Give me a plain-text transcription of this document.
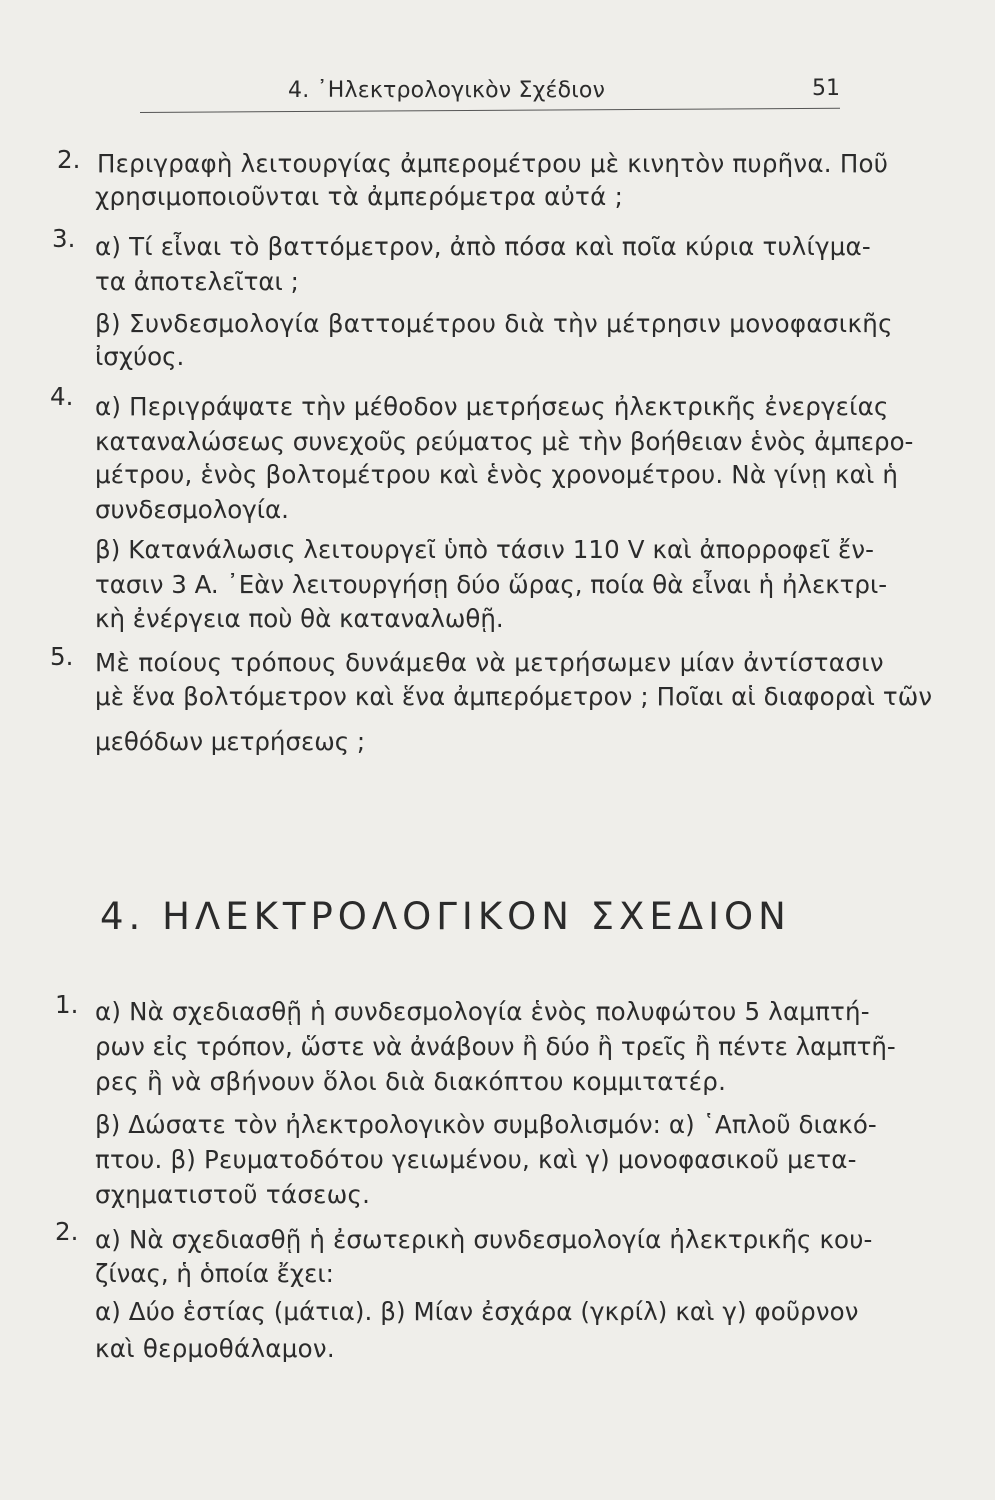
4. ᾿Ηλεκτρολογικὸν Σχέδιον	51
2. Περιγραφὴ λειτουργίας ἀμπερομέτρου μὲ κινητὸν πυρῆνα. Ποῦ
χρησιμοποιοῦνται τὰ ἀμπερόμετρα αὐτά ;
3. α) Τί εἶναι τὸ βαττόμετρον, ἀπὸ πόσα καὶ ποῖα κύρια τυλίγμα-
τα ἀποτελεῖται ;
β) Συνδεσμολογία βαττομέτρου διὰ τὴν μέτρησιν μονοφασικῆς
ἰσχύος.
4. α) Περιγράψατε τὴν μέθοδον μετρήσεως ἠλεκτρικῆς ἐνεργείας
καταναλώσεως συνεχοῦς ρεύματος μὲ τὴν βοήθειαν ἑνὸς ἀμπερο-
μέτρου, ἑνὸς βολτομέτρου καὶ ἑνὸς χρονομέτρου. Νὰ γίνῃ καὶ ἡ
συνδεσμολογία.
β) Κατανάλωσις λειτουργεῖ ὑπὸ τάσιν 110 V καὶ ἀπορροφεῖ ἔν-
τασιν 3 A. ᾿Εὰν λειτουργήσῃ δύο ὥρας, ποία θὰ εἶναι ἡ ἠλεκτρι-
κὴ ἐνέργεια ποὺ θὰ καταναλωθῇ.
5. Μὲ ποίους τρόπους δυνάμεθα νὰ μετρήσωμεν μίαν ἀντίστασιν
μὲ ἕνα βολτόμετρον καὶ ἕνα ἀμπερόμετρον ; Ποῖαι αἱ διαφοραὶ τῶν
μεθόδων μετρήσεως ;
4. ΗΛΕΚΤΡΟΛΟΓΙΚΟΝ ΣΧΕΔΙΟΝ
1. α) Νὰ σχεδιασθῇ ἡ συνδεσμολογία ἑνὸς πολυφώτου 5 λαμπτή-
ρων εἰς τρόπον, ὥστε νὰ ἀνάβουν ἢ δύο ἢ τρεῖς ἢ πέντε λαμπτῆ-
ρες ἢ νὰ σβήνουν ὅλοι διὰ διακόπτου κομμιτατέρ.
β) Δώσατε τὸν ἠλεκτρολογικὸν συμβολισμόν: α) ῾Απλοῦ διακό-
πτου. β) Ρευματοδότου γειωμένου, καὶ γ) μονοφασικοῦ μετα-
σχηματιστοῦ τάσεως.
2. α) Νὰ σχεδιασθῇ ἡ ἐσωτερικὴ συνδεσμολογία ἠλεκτρικῆς κου-
ζίνας, ἡ ὁποία ἔχει:
α) Δύο ἑστίας (μάτια). β) Μίαν ἐσχάρα (γκρίλ) καὶ γ) φοῦρνον
καὶ θερμοθάλαμον.
